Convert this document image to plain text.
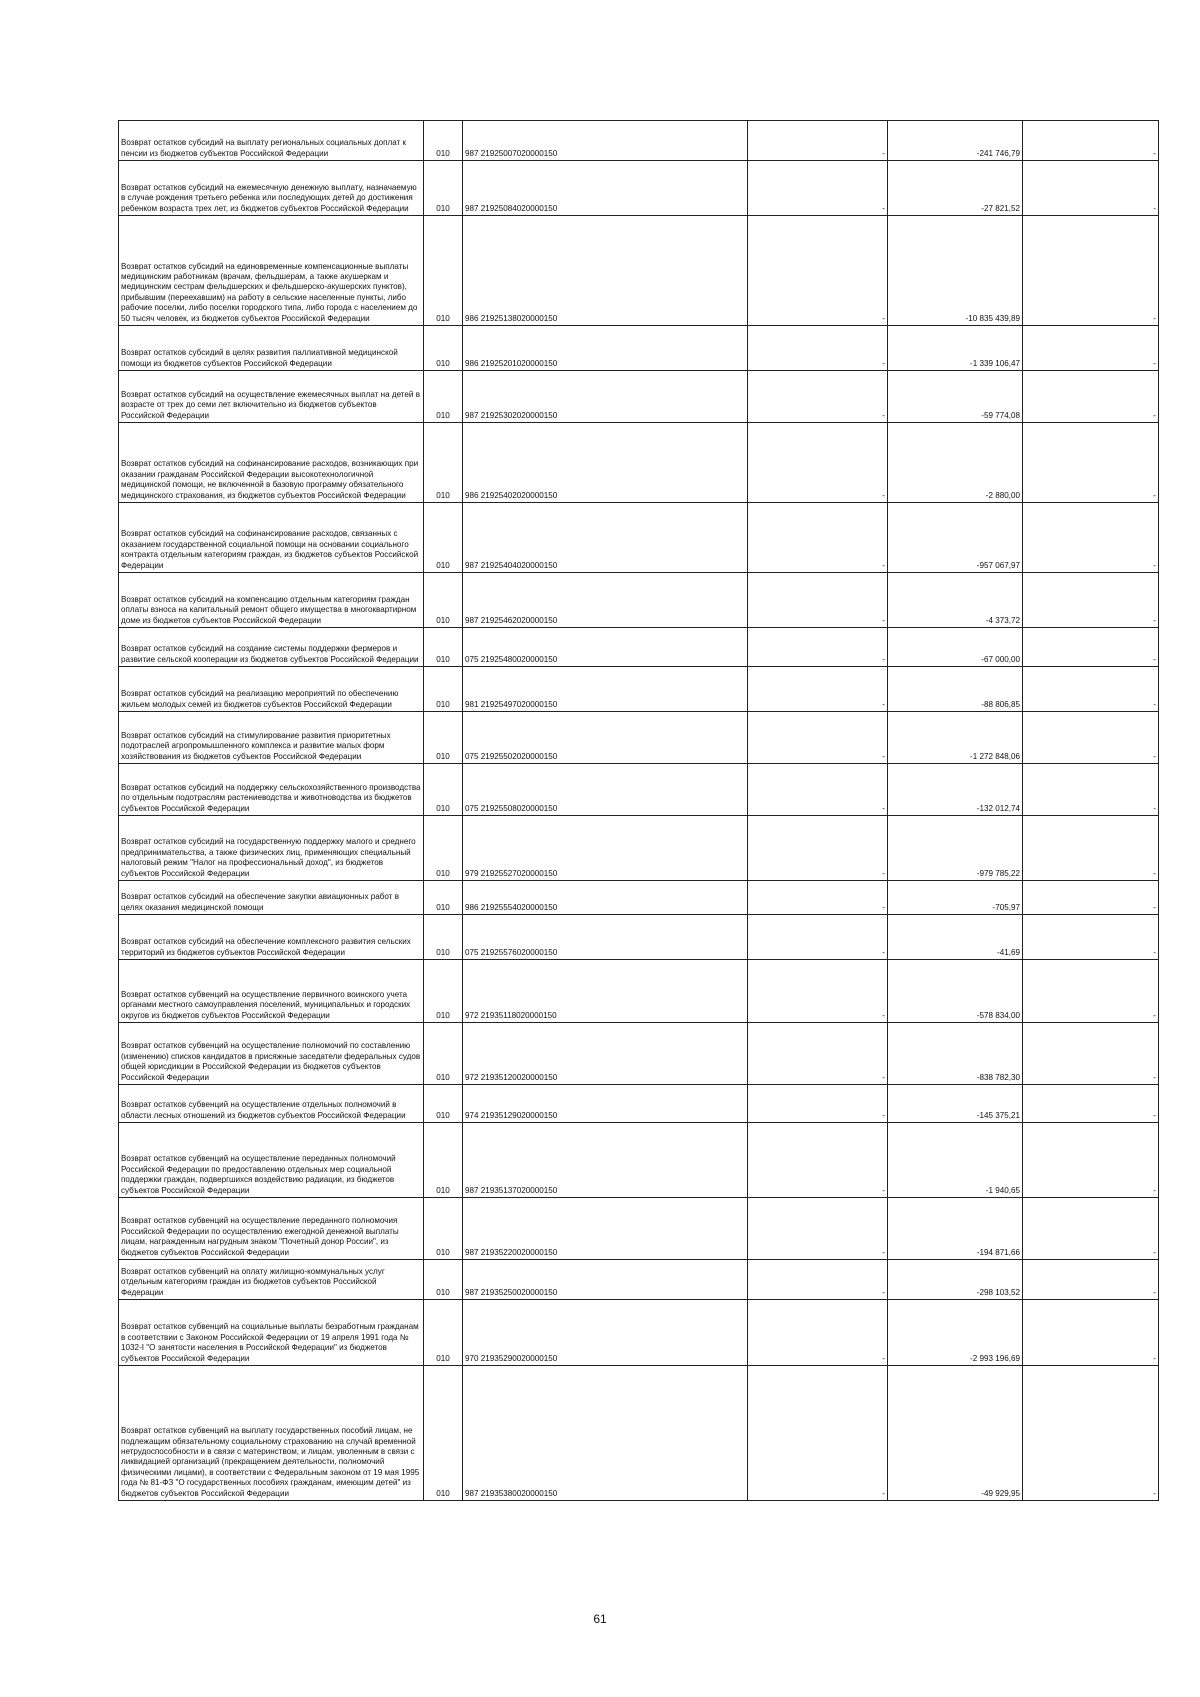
Возврат остатков субсидий на выплату региональных социальных доплат к пенсии из бюджетов субъектов Российской Федерации	010	987 21925007020000150	-	-241 746,79	-
Возврат остатков субсидий на ежемесячную денежную выплату, назначаемую в случае рождения третьего ребенка или последующих детей до достижения ребенком возраста трех лет, из бюджетов субъектов Российской Федерации	010	987 21925084020000150	-	-27 821,52	-
Возврат остатков субсидий на единовременные компенсационные выплаты медицинским работникам (врачам, фельдшерам, а также акушеркам и медицинским сестрам фельдшерских и фельдшерско-акушерских пунктов), прибывшим (переехавшим) на работу в сельские населенные пункты, либо рабочие поселки, либо поселки городского типа, либо города с населением до 50 тысяч человек, из бюджетов субъектов Российской Федерации	010	986 21925138020000150	-	-10 835 439,89	-
Возврат остатков субсидий в целях развития паллиативной медицинской помощи из бюджетов субъектов Российской Федерации	010	986 21925201020000150	-	-1 339 106,47	-
Возврат остатков субсидий на осуществление ежемесячных выплат на детей в возрасте от трех до семи лет включительно из бюджетов субъектов Российской Федерации	010	987 21925302020000150	-	-59 774,08	-
Возврат остатков субсидий на софинансирование расходов, возникающих при оказании гражданам Российской Федерации высокотехнологичной медицинской помощи, не включенной в базовую программу обязательного медицинского страхования, из бюджетов субъектов Российской Федерации	010	986 21925402020000150	-	-2 880,00	-
Возврат остатков субсидий на софинансирование расходов, связанных с оказанием государственной социальной помощи на основании социального контракта отдельным категориям граждан, из бюджетов субъектов Российской Федерации	010	987 21925404020000150	-	-957 067,97	-
Возврат остатков субсидий на компенсацию отдельным категориям граждан оплаты взноса на капитальный ремонт общего имущества в многоквартирном доме из бюджетов субъектов Российской Федерации	010	987 21925462020000150	-	-4 373,72	-
Возврат остатков субсидий на создание системы поддержки фермеров и развитие сельской кооперации из бюджетов субъектов Российской Федерации	010	075 21925480020000150	-	-67 000,00	-
Возврат остатков субсидий на реализацию мероприятий по обеспечению жильем молодых семей из бюджетов субъектов Российской Федерации	010	981 21925497020000150	-	-88 806,85	-
Возврат остатков субсидий на стимулирование развития приоритетных подотраслей агропромышленного комплекса и развитие малых форм хозяйствования из бюджетов субъектов Российской Федерации	010	075 21925502020000150	-	-1 272 848,06	-
Возврат остатков субсидий на поддержку сельскохозяйственного производства по отдельным подотраслям растениеводства и животноводства из бюджетов субъектов Российской Федерации	010	075 21925508020000150	-	-132 012,74	-
Возврат остатков субсидий на государственную поддержку малого и среднего предпринимательства, а также физических лиц, применяющих специальный налоговый режим "Налог на профессиональный доход", из бюджетов субъектов Российской Федерации	010	979 21925527020000150	-	-979 785,22	-
Возврат остатков субсидий на обеспечение закупки авиационных работ в целях оказания медицинской помощи	010	986 21925554020000150	-	-705,97	-
Возврат остатков субсидий на обеспечение комплексного развития сельских территорий из бюджетов субъектов Российской Федерации	010	075 21925576020000150	-	-41,69	-
Возврат остатков субвенций на осуществление первичного воинского учета органами местного самоуправления поселений, муниципальных и городских округов из бюджетов субъектов Российской Федерации	010	972 21935118020000150	-	-578 834,00	-
Возврат остатков субвенций на осуществление полномочий по составлению (изменению) списков кандидатов в присяжные заседатели федеральных судов общей юрисдикции в Российской Федерации из бюджетов субъектов Российской Федерации	010	972 21935120020000150	-	-838 782,30	-
Возврат остатков субвенций на осуществление отдельных полномочий в области лесных отношений из бюджетов субъектов Российской Федерации	010	974 21935129020000150	-	-145 375,21	-
Возврат остатков субвенций на осуществление переданных полномочий Российской Федерации по предоставлению отдельных мер социальной поддержки граждан, подвергшихся воздействию радиации, из бюджетов субъектов Российской Федерации	010	987 21935137020000150	-	-1 940,65	-
Возврат остатков субвенций на осуществление переданного полномочия Российской Федерации по осуществлению ежегодной денежной выплаты лицам, награжденным нагрудным знаком "Почетный донор России", из бюджетов субъектов Российской Федерации	010	987 21935220020000150	-	-194 871,66	-
Возврат остатков субвенций на оплату жилищно-коммунальных услуг отдельным категориям граждан из бюджетов субъектов Российской Федерации	010	987 21935250020000150	-	-298 103,52	-
Возврат остатков субвенций на социальные выплаты безработным гражданам в соответствии с Законом Российской Федерации от 19 апреля 1991 года № 1032-I "О занятости населения в Российской Федерации" из бюджетов субъектов Российской Федерации	010	970 21935290020000150	-	-2 993 196,69	-
Возврат остатков субвенций на выплату государственных пособий лицам, не подлежащим обязательному социальному страхованию на случай временной нетрудоспособности и в связи с материнством, и лицам, уволенным в связи с ликвидацией организаций (прекращением деятельности, полномочий физическими лицами), в соответствии с Федеральным законом от 19 мая 1995 года № 81-ФЗ "О государственных пособиях гражданам, имеющим детей" из бюджетов субъектов Российской Федерации	010	987 21935380020000150	-	-49 929,95	-
61
